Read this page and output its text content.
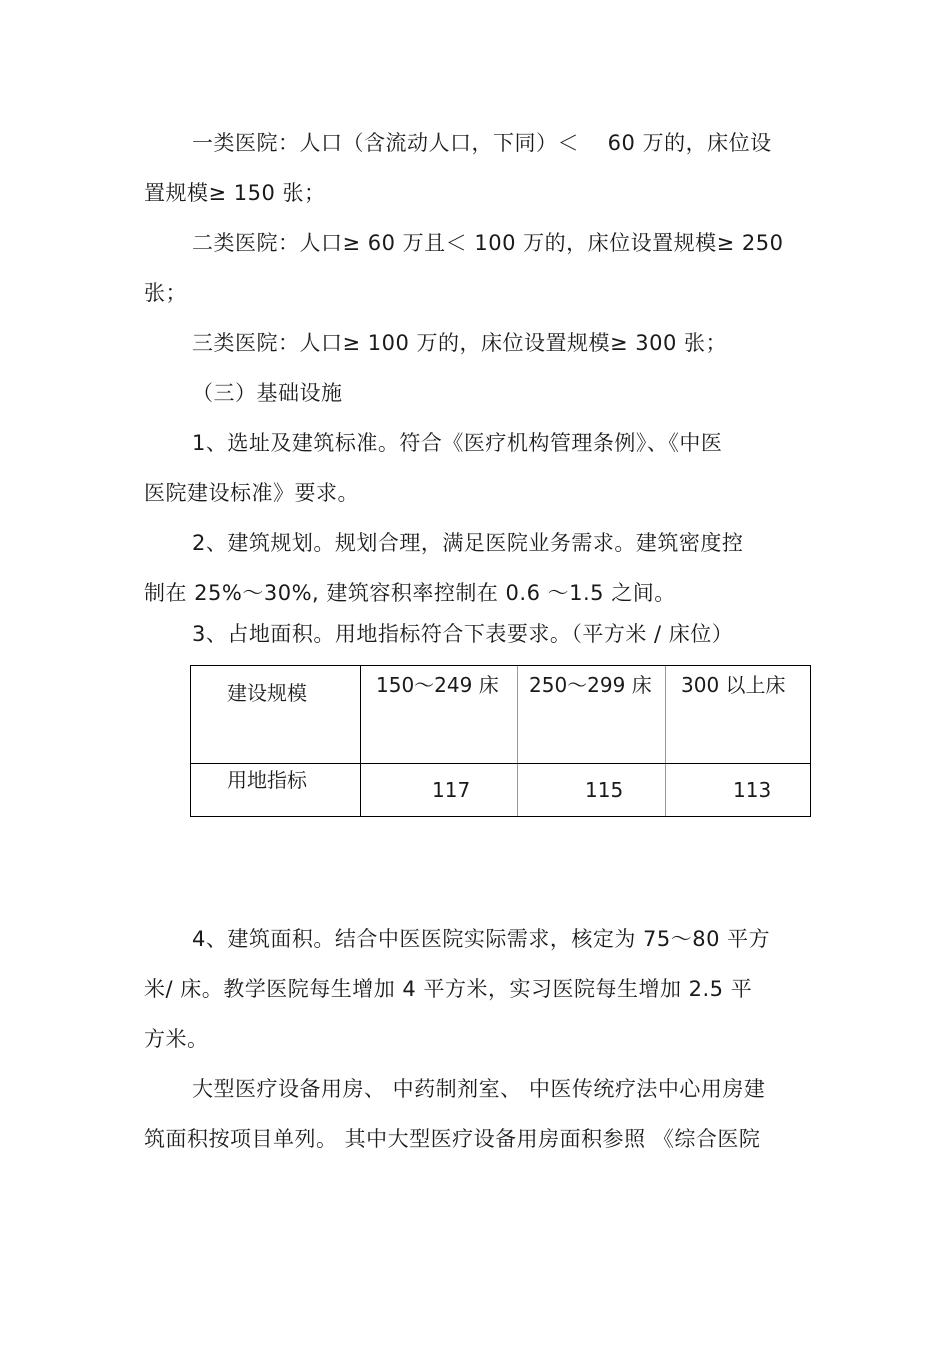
一类医院：人口（含流动人口，下同）＜　 60 万的，床位设
置规模≥ 150 张；
二类医院：人口≥ 60 万且＜ 100 万的，床位设置规模≥ 250
张；
三类医院：人口≥ 100 万的，床位设置规模≥ 300 张；
（三）基础设施
1、选址及建筑标准。符合《医疗机构管理条例》、《中医
医院建设标准》要求。
2、建筑规划。规划合理，满足医院业务需求。建筑密度控
制在 25%～30%, 建筑容积率控制在 0.6 ～1.5 之间。
3、占地面积。用地指标符合下表要求。（平方米 / 床位）
建设规模	150～249 床 250～299 床 300 以上床
用地指标	117	115	113
4、建筑面积。结合中医医院实际需求，核定为 75～80 平方
米/ 床。教学医院每生增加 4 平方米，实习医院每生增加 2.5 平
方米。
大型医疗设备用房、 中药制剂室、 中医传统疗法中心用房建
筑面积按项目单列。 其中大型医疗设备用房面积参照 《综合医院
